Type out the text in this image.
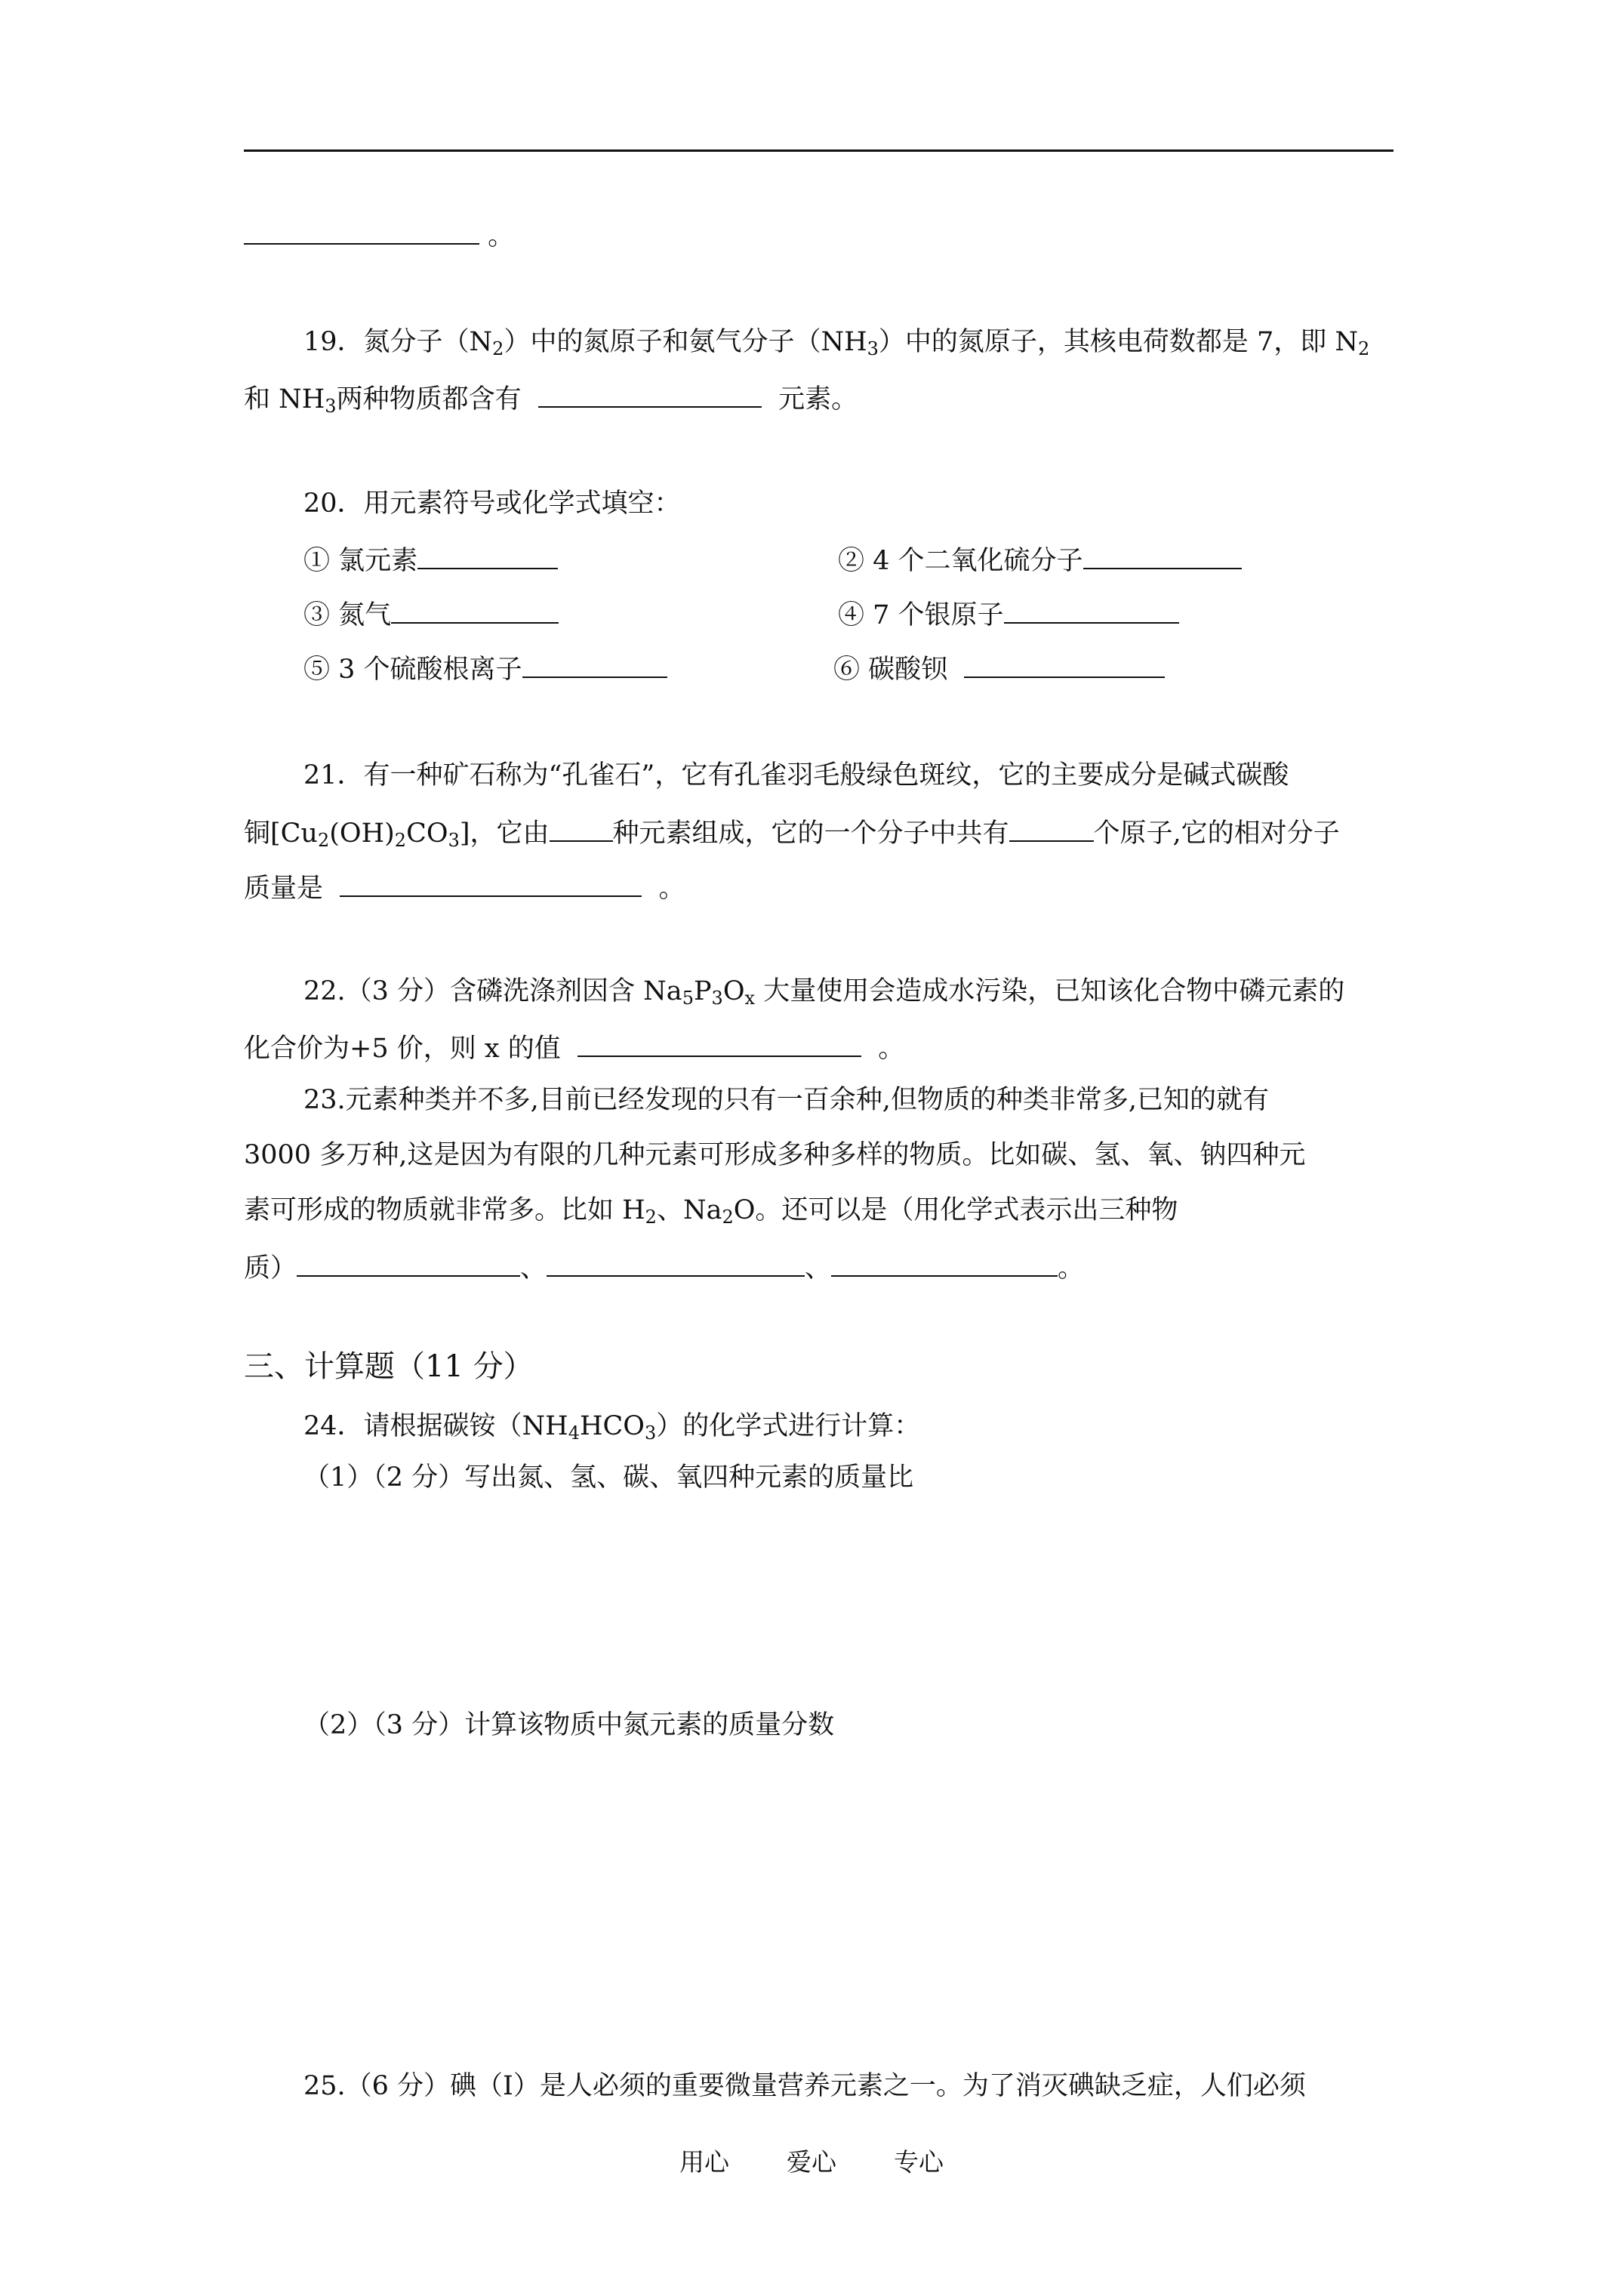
。
19．氮分子$(N_2)$中的氮原子和氨气分子$(NH_3)$中的氮原子，其核电荷数都是 7，即 $N_2$
和 $NH_3$两种物质都含有	元素。
20．用元素符号或化学式填空：
① 氯元素	② 4 个二氧化硫分子
③ 氮气	④ 7 个银原子
⑤ 3 个硫酸根离子	⑥ 碳酸钡
21．有一种矿石称为“孔雀石”，它有孔雀羽毛般绿色斑纹，它的主要成分是碱式碳酸
铜$[Cu_2(OH)_2CO_3]$，它由 种元素组成，它的一个分子中共有	个原子,它的相对分子
质量是	。
22.（3 分）含磷洗涤剂因含 $Na_5P_3O_x$ 大量使用会造成水污染，已知该化合物中磷元素的
化合价为+5 价，则 x 的值	。
23.元素种类并不多,目前已经发现的只有一百余种,但物质的种类非常多,已知的就有
3000 多万种,这是因为有限的几种元素可形成多种多样的物质。比如碳、氢、氧、钠四种元
素可形成的物质就非常多。比如 $H_2$、$Na_2O$。还可以是（用化学式表示出三种物
质）	、	、	。
三、计算题（11 分）
24．请根据碳铵$(NH_4HCO_3)$的化学式进行计算：
（1）（2 分）写出氮、氢、碳、氧四种元素的质量比
（2）（3 分）计算该物质中氮元素的质量分数
25.（6 分）碘（I）是人必须的重要微量营养元素之一。为了消灭碘缺乏症，人们必须
用心 爱心 专心
